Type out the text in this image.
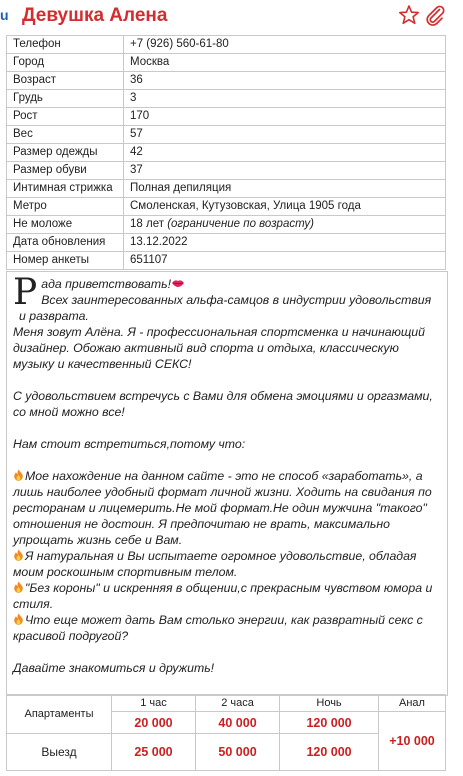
u Девушка Алена
Телефон	+7 (926) 560-61-80
Город	Москва
Возраст	36
Грудь	3
Рост	170
Вес	57
Размер одежды	42
Размер обуви	37
Интимная стрижка	Полная депиляция
Метро	Смоленская, Кутузовская, Улица 1905 года
Не моложе	18 лет (ограничение по возрасту)
Дата обновления	13.12.2022
Номер анкеты	651107
Р ада приветствовать!

Всех заинтересованных альфа-самцов в индустрии удовольствия и разврата.

Меня зовут Алёна. Я - профессиональная спортсменка и начинающий дизайнер. Обожаю активный вид спорта и отдыха, классическую музыку и качественный СЕКС!

С удовольствием встречусь с Вами для обмена эмоциями и оргазмами, со мной можно все!

Нам стоит встретиться,потому что:

Мое нахождение на данном сайте - это не способ «заработать», а лишь наиболее удобный формат личной жизни. Ходить на свидания по ресторанам и лицемерить.Не мой формат.Не один мужчина "такого" отношения не достоин. Я предпочитаю не врать, максимально упрощать жизнь себе и Вам.

Я натуральная и Вы испытаете огромное удовольствие, обладая моим роскошным спортивным телом.

"Без короны" и искренняя в общении,с прекрасным чувством юмора и стиля.

Что еще может дать Вам столько энергии, как развратный секс с красивой подругой?

Давайте знакомиться и дружить!

Апартаменты	1 час	2 часа	Ночь	Анал
	20 000	40 000	120 000	+10 000
Выезд	25 000	50 000	120 000	
